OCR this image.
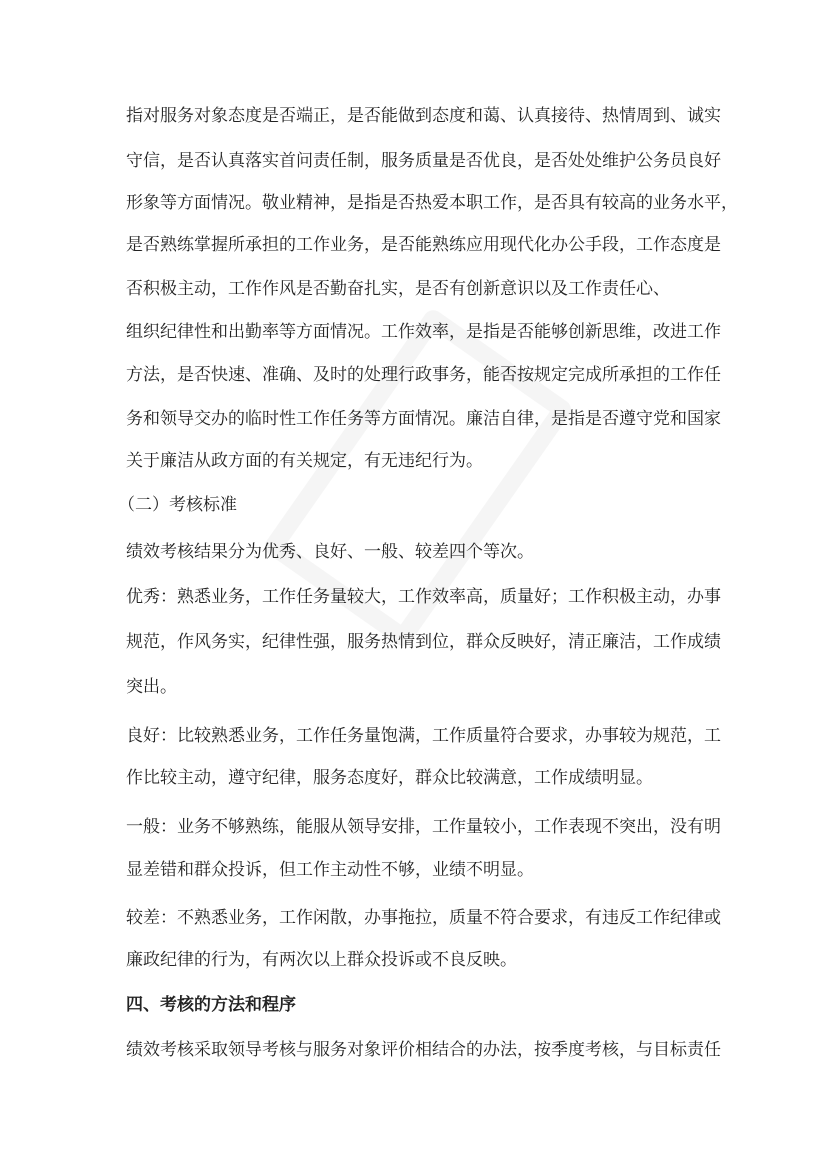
指对服务对象态度是否端正，是否能做到态度和蔼、认真接待、热情周到、诚实
守信，是否认真落实首问责任制，服务质量是否优良，是否处处维护公务员良好
形象等方面情况。敬业精神，是指是否热爱本职工作，是否具有较高的业务水平，
是否熟练掌握所承担的工作业务，是否能熟练应用现代化办公手段，工作态度是
否积极主动，工作作风是否勤奋扎实，是否有创新意识以及工作责任心、
组织纪律性和出勤率等方面情况。工作效率，是指是否能够创新思维，改进工作
方法，是否快速、准确、及时的处理行政事务，能否按规定完成所承担的工作任
务和领导交办的临时性工作任务等方面情况。廉洁自律，是指是否遵守党和国家
关于廉洁从政方面的有关规定，有无违纪行为。
（二）考核标准
绩效考核结果分为优秀、良好、一般、较差四个等次。
优秀：熟悉业务，工作任务量较大，工作效率高，质量好；工作积极主动，办事
规范，作风务实，纪律性强，服务热情到位，群众反映好，清正廉洁，工作成绩
突出。
良好：比较熟悉业务，工作任务量饱满，工作质量符合要求，办事较为规范，工
作比较主动，遵守纪律，服务态度好，群众比较满意，工作成绩明显。
一般：业务不够熟练，能服从领导安排，工作量较小，工作表现不突出，没有明
显差错和群众投诉，但工作主动性不够，业绩不明显。
较差：不熟悉业务，工作闲散，办事拖拉，质量不符合要求，有违反工作纪律或
廉政纪律的行为，有两次以上群众投诉或不良反映。
四、考核的方法和程序
绩效考核采取领导考核与服务对象评价相结合的办法，按季度考核，与目标责任
